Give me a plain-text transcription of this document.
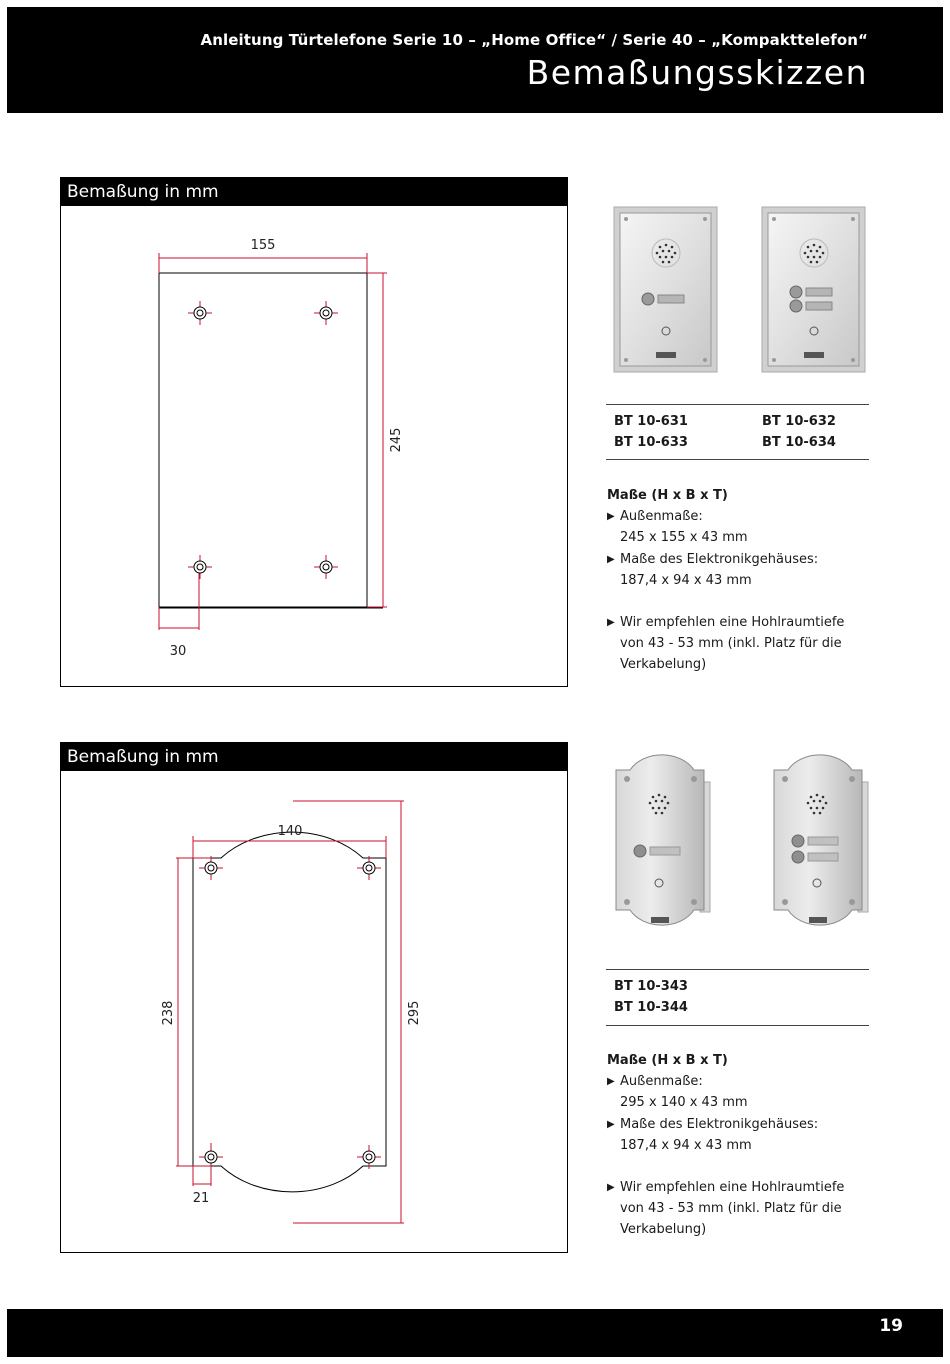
Anleitung Türtelefone Serie 10 – „Home Office“ / Serie 40 – „Kompakttelefon“
Bemaßungsskizzen
Bemaßung in mm
155
245
30
BT 10-631	BT 10-632
BT 10-633	BT 10-634
Maße (H x B x T)
▶ Außenmaße:
245 x 155 x 43 mm
▶ Maße des Elektronikgehäuses:
187,4 x 94 x 43 mm
▶ Wir empfehlen eine Hohlraumtiefe
von 43 - 53 mm (inkl. Platz für die
Verkabelung)
Bemaßung in mm
140
238	295
21
BT 10-343
BT 10-344
Maße (H x B x T)
▶ Außenmaße:
295 x 140 x 43 mm
▶ Maße des Elektronikgehäuses:
187,4 x 94 x 43 mm
▶ Wir empfehlen eine Hohlraumtiefe
von 43 - 53 mm (inkl. Platz für die
Verkabelung)
19
